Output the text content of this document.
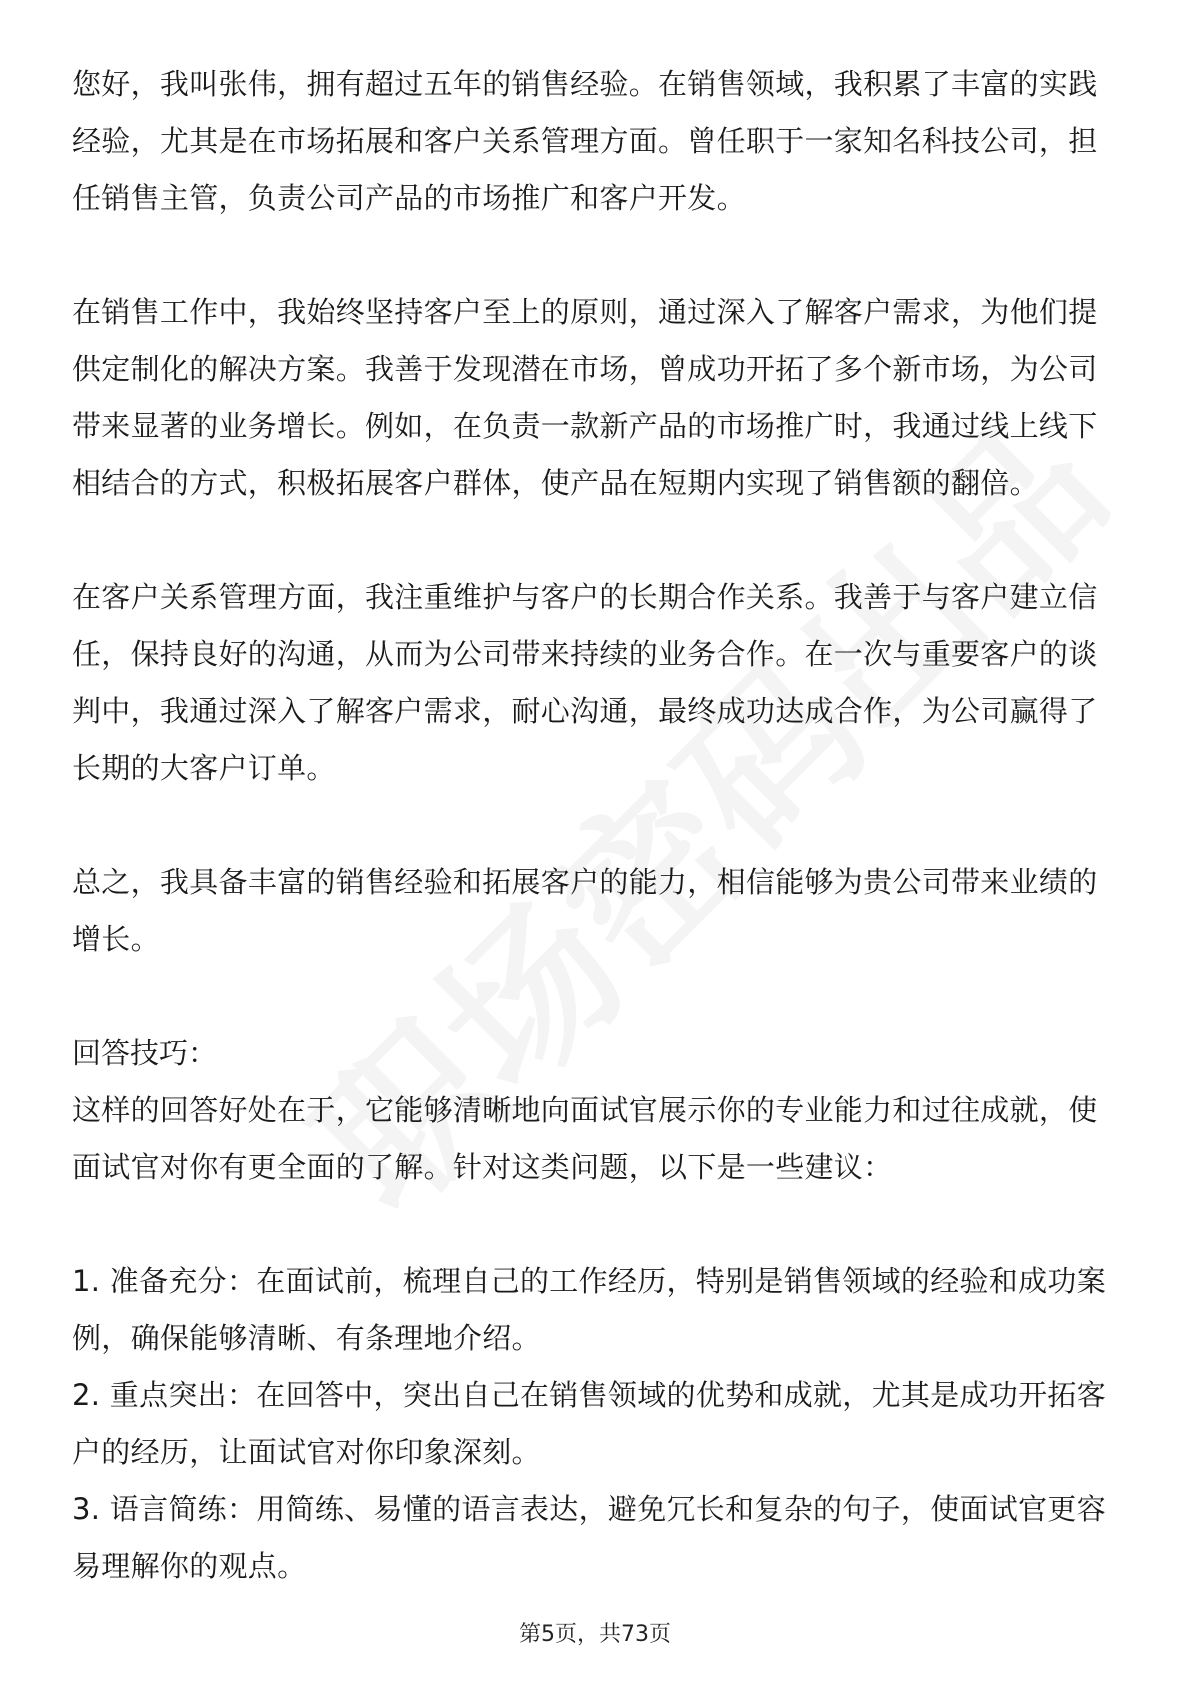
您好，我叫张伟，拥有超过五年的销售经验。在销售领域，我积累了丰富的实践经验，尤其是在市场拓展和客户关系管理方面。曾任职于一家知名科技公司，担任销售主管，负责公司产品的市场推广和客户开发。

在销售工作中，我始终坚持客户至上的原则，通过深入了解客户需求，为他们提供定制化的解决方案。我善于发现潜在市场，曾成功开拓了多个新市场，为公司带来显著的业务增长。例如，在负责一款新产品的市场推广时，我通过线上线下相结合的方式，积极拓展客户群体，使产品在短期内实现了销售额的翻倍。

在客户关系管理方面，我注重维护与客户的长期合作关系。我善于与客户建立信任，保持良好的沟通，从而为公司带来持续的业务合作。在一次与重要客户的谈判中，我通过深入了解客户需求，耐心沟通，最终成功达成合作，为公司赢得了长期的大客户订单。

总之，我具备丰富的销售经验和拓展客户的能力，相信能够为贵公司带来业绩的增长。

回答技巧：

这样的回答好处在于，它能够清晰地向面试官展示你的专业能力和过往成就，使面试官对你有更全面的了解。针对这类问题，以下是一些建议：

1. 准备充分：在面试前，梳理自己的工作经历，特别是销售领域的经验和成功案例，确保能够清晰、有条理地介绍。

2. 重点突出：在回答中，突出自己在销售领域的优势和成就，尤其是成功开拓客户的经历，让面试官对你印象深刻。

3. 语言简练：用简练、易懂的语言表达，避免冗长和复杂的句子，使面试官更容易理解你的观点。

第5页，共73页
